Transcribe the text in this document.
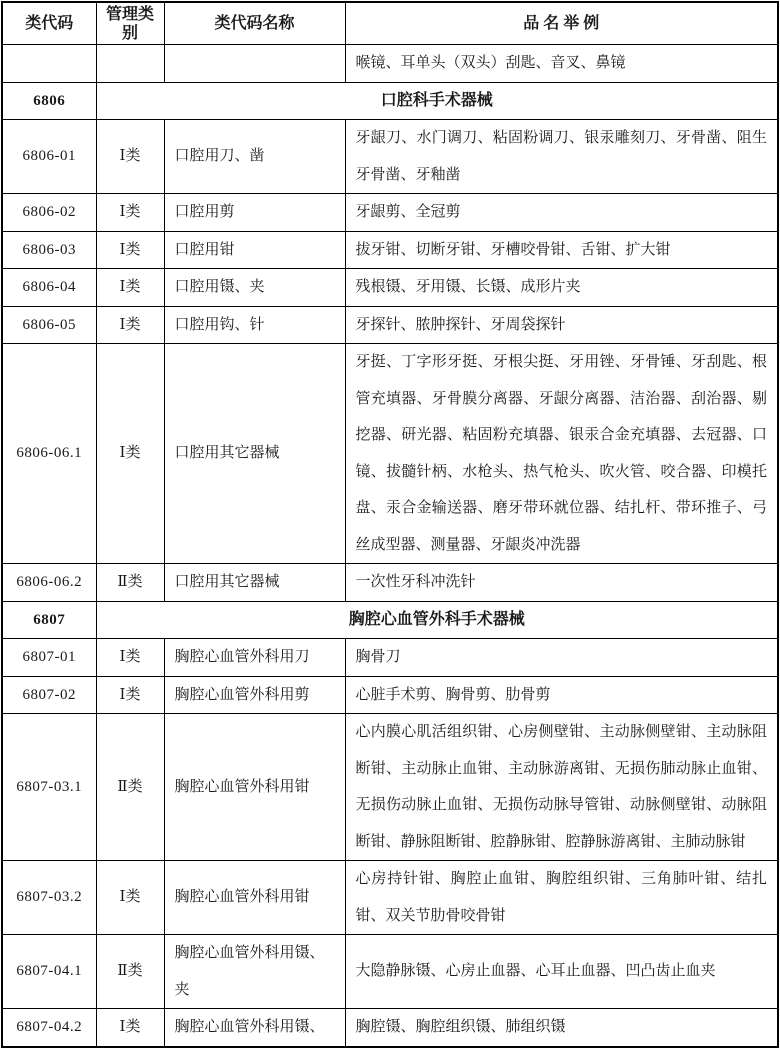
类代码	管理类别	类代码名称	品 名 举 例
			喉镜、耳单头（双头）刮匙、音叉、鼻镜
6806	口腔科手术器械		
6806-01	Ⅰ类	口腔用刀、凿	牙龈刀、水门调刀、粘固粉调刀、银汞雕刻刀、牙骨凿、阻生牙骨凿、牙釉凿
6806-02	Ⅰ类	口腔用剪	牙龈剪、全冠剪
6806-03	Ⅰ类	口腔用钳	拔牙钳、切断牙钳、牙槽咬骨钳、舌钳、扩大钳
6806-04	Ⅰ类	口腔用镊、夹	残根镊、牙用镊、长镊、成形片夹
6806-05	Ⅰ类	口腔用钩、针	牙探针、脓肿探针、牙周袋探针
6806-06.1	Ⅰ类	口腔用其它器械	牙挺、丁字形牙挺、牙根尖挺、牙用锉、牙骨锤、牙刮匙、根管充填器、牙骨膜分离器、牙龈分离器、洁治器、刮治器、剔挖器、研光器、粘固粉充填器、银汞合金充填器、去冠器、口镜、拔髓针柄、水枪头、热气枪头、吹火管、咬合器、印模托盘、汞合金输送器、磨牙带环就位器、结扎杆、带环推子、弓丝成型器、测量器、牙龈炎冲洗器
6806-06.2	Ⅱ类	口腔用其它器械	一次性牙科冲洗针
6807	胸腔心血管外科手术器械		
6807-01	Ⅰ类	胸腔心血管外科用刀	胸骨刀
6807-02	Ⅰ类	胸腔心血管外科用剪	心脏手术剪、胸骨剪、肋骨剪
6807-03.1	Ⅱ类	胸腔心血管外科用钳	心内膜心肌活组织钳、心房侧壁钳、主动脉侧壁钳、主动脉阻断钳、主动脉止血钳、主动脉游离钳、无损伤肺动脉止血钳、无损伤动脉止血钳、无损伤动脉导管钳、动脉侧壁钳、动脉阻断钳、静脉阻断钳、腔静脉钳、腔静脉游离钳、主肺动脉钳
6807-03.2	Ⅰ类	胸腔心血管外科用钳	心房持针钳、胸腔止血钳、胸腔组织钳、三角肺叶钳、结扎钳、双关节肋骨咬骨钳
6807-04.1	Ⅱ类	胸腔心血管外科用镊、夹	大隐静脉镊、心房止血器、心耳止血器、凹凸齿止血夹
6807-04.2	Ⅰ类	胸腔心血管外科用镊、	胸腔镊、胸腔组织镊、肺组织镊
